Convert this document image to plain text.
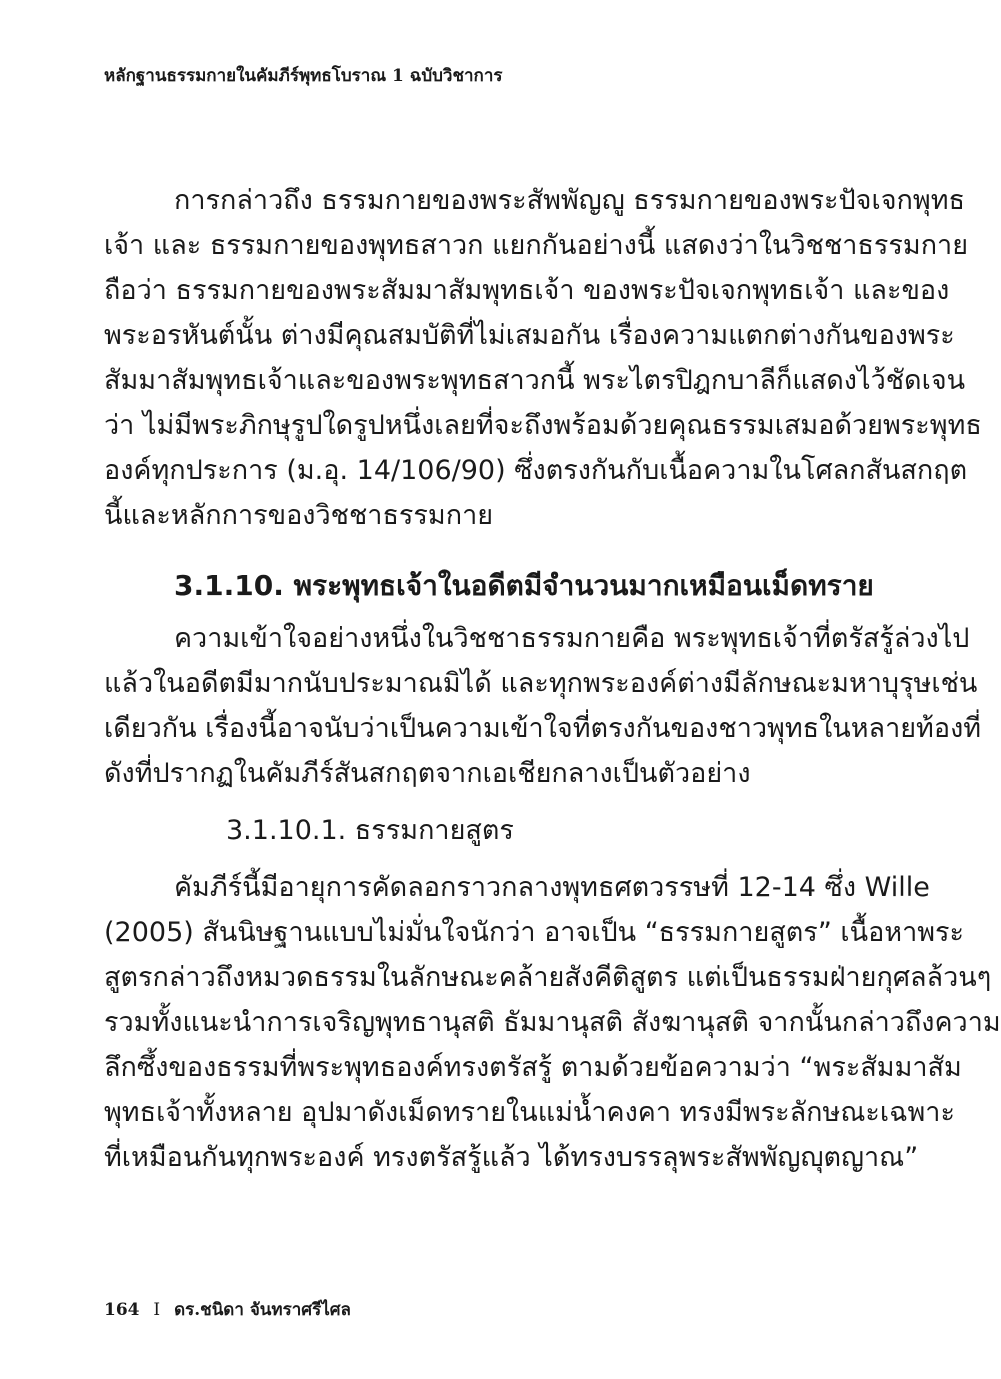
หลักฐานธรรมกายในคัมภีร์พุทธโบราณ 1 ฉบับวิชาการ
การกล่าวถึง ธรรมกายของพระสัพพัญญู ธรรมกายของพระปัจเจกพุทธ
เจ้า และ ธรรมกายของพุทธสาวก แยกกันอย่างนี้ แสดงว่าในวิชชาธรรมกาย
ถือว่า ธรรมกายของพระสัมมาสัมพุทธเจ้า ของพระปัจเจกพุทธเจ้า และของ
พระอรหันต์นั้น ต่างมีคุณสมบัติที่ไม่เสมอกัน เรื่องความแตกต่างกันของพระ
สัมมาสัมพุทธเจ้าและของพระพุทธสาวกนี้ พระไตรปิฎกบาลีก็แสดงไว้ชัดเจน
ว่า ไม่มีพระภิกษุรูปใดรูปหนึ่งเลยที่จะถึงพร้อมด้วยคุณธรรมเสมอด้วยพระพุทธ
องค์ทุกประการ (ม.อุ. 14/106/90) ซึ่งตรงกันกับเนื้อความในโศลกสันสกฤต
นี้และหลักการของวิชชาธรรมกาย
3.1.10. พระพุทธเจ้าในอดีตมีจำนวนมากเหมือนเม็ดทราย
ความเข้าใจอย่างหนึ่งในวิชชาธรรมกายคือ พระพุทธเจ้าที่ตรัสรู้ล่วงไป
แล้วในอดีตมีมากนับประมาณมิได้ และทุกพระองค์ต่างมีลักษณะมหาบุรุษเช่น
เดียวกัน เรื่องนี้อาจนับว่าเป็นความเข้าใจที่ตรงกันของชาวพุทธในหลายท้องที่
ดังที่ปรากฏในคัมภีร์สันสกฤตจากเอเชียกลางเป็นตัวอย่าง
3.1.10.1. ธรรมกายสูตร
คัมภีร์นี้มีอายุการคัดลอกราวกลางพุทธศตวรรษที่ 12-14 ซึ่ง Wille
(2005) สันนิษฐานแบบไม่มั่นใจนักว่า อาจเป็น “ธรรมกายสูตร” เนื้อหาพระ
สูตรกล่าวถึงหมวดธรรมในลักษณะคล้ายสังคีติสูตร แต่เป็นธรรมฝ่ายกุศลล้วนๆ
รวมทั้งแนะนำการเจริญพุทธานุสติ ธัมมานุสติ สังฆานุสติ จากนั้นกล่าวถึงความ
ลึกซึ้งของธรรมที่พระพุทธองค์ทรงตรัสรู้ ตามด้วยข้อความว่า “พระสัมมาสัม
พุทธเจ้าทั้งหลาย อุปมาดังเม็ดทรายในแม่น้ำคงคา ทรงมีพระลักษณะเฉพาะ
ที่เหมือนกันทุกพระองค์ ทรงตรัสรู้แล้ว ได้ทรงบรรลุพระสัพพัญญุตญาณ”
164 I ดร.ชนิดา จันทราศรีไศล
